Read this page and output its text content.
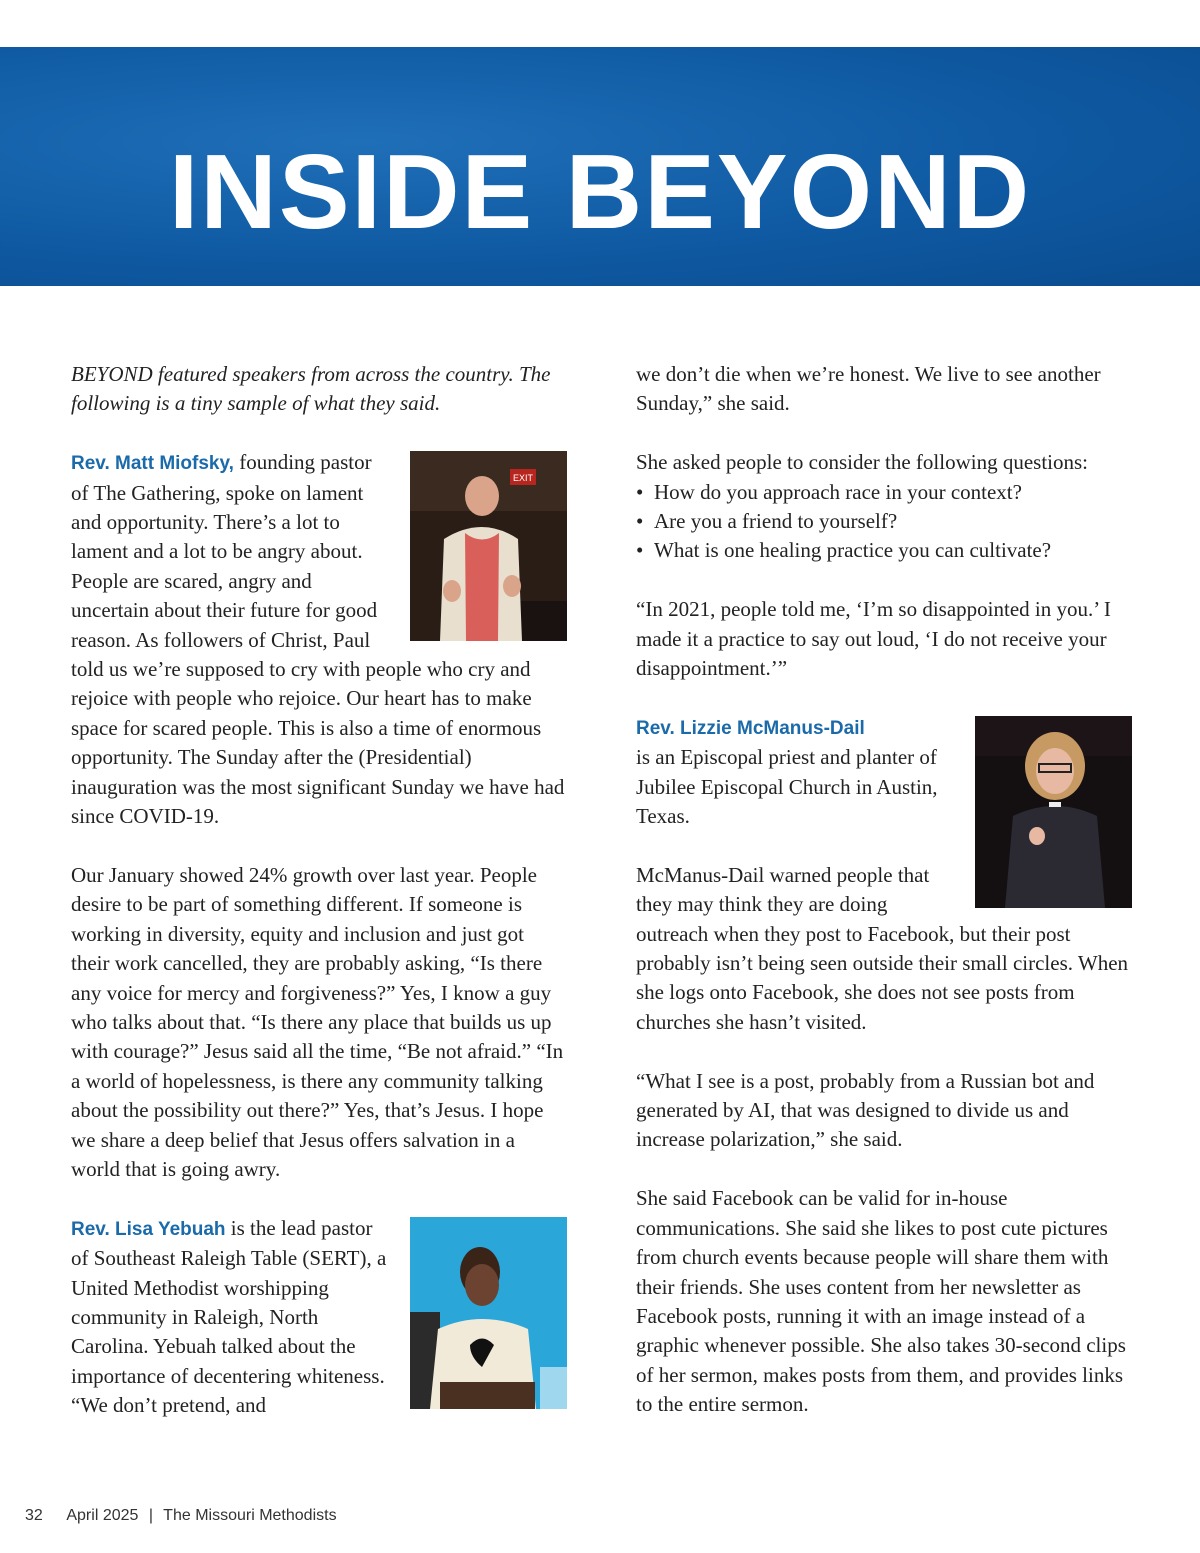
INSIDE BEYOND

BEYOND featured speakers from across the country. The following is a tiny sample of what they said.

EXIT

Rev. Matt Miofsky, founding pastor of The Gathering, spoke on lament and opportunity. There’s a lot to lament and a lot to be angry about. People are scared, angry and uncertain about their future for good reason. As followers of Christ, Paul told us we’re supposed to cry with people who cry and rejoice with people who rejoice. Our heart has to make space for scared people. This is also a time of enormous opportunity. The Sunday after the (Presidential) inauguration was the most significant Sunday we have had since COVID-19.

Our January showed 24% growth over last year. People desire to be part of something different. If someone is working in diversity, equity and inclusion and just got their work cancelled, they are probably asking, “Is there any voice for mercy and forgiveness?” Yes, I know a guy who talks about that. “Is there any place that builds us up with courage?” Jesus said all the time, “Be not afraid.” “In a world of hopelessness, is there any community talking about the possibility out there?” Yes, that’s Jesus. I hope we share a deep belief that Jesus offers salvation in a world that is going awry.

Rev. Lisa Yebuah is the lead pastor of Southeast Raleigh Table (SERT), a United Methodist worshipping community in Raleigh, North Carolina. Yebuah talked about the importance of decentering whiteness. “We don’t pretend, and

we don’t die when we’re honest. We live to see another Sunday,” she said.

She asked people to consider the following questions:

• How do you approach race in your context?
• Are you a friend to yourself?
• What is one healing practice you can cultivate?

“In 2021, people told me, ‘I’m so disappointed in you.’ I made it a practice to say out loud, ‘I do not receive your disappointment.’”

Rev. Lizzie McManus-Dail
is an Episcopal priest and planter of Jubilee Episcopal Church in Austin, Texas.

McManus-Dail warned people that they may think they are doing outreach when they post to Facebook, but their post probably isn’t being seen outside their small circles. When she logs onto Facebook, she does not see posts from churches she hasn’t visited.

“What I see is a post, probably from a Russian bot and generated by AI, that was designed to divide us and increase polarization,” she said.

She said Facebook can be valid for in-house communications. She said she likes to post cute pictures from church events because people will share them with their friends. She uses content from her newsletter as Facebook posts, running it with an image instead of a graphic whenever possible. She also takes 30-second clips of her sermon, makes posts from them, and provides links to the entire sermon.

32 April 2025 | The Missouri Methodists
